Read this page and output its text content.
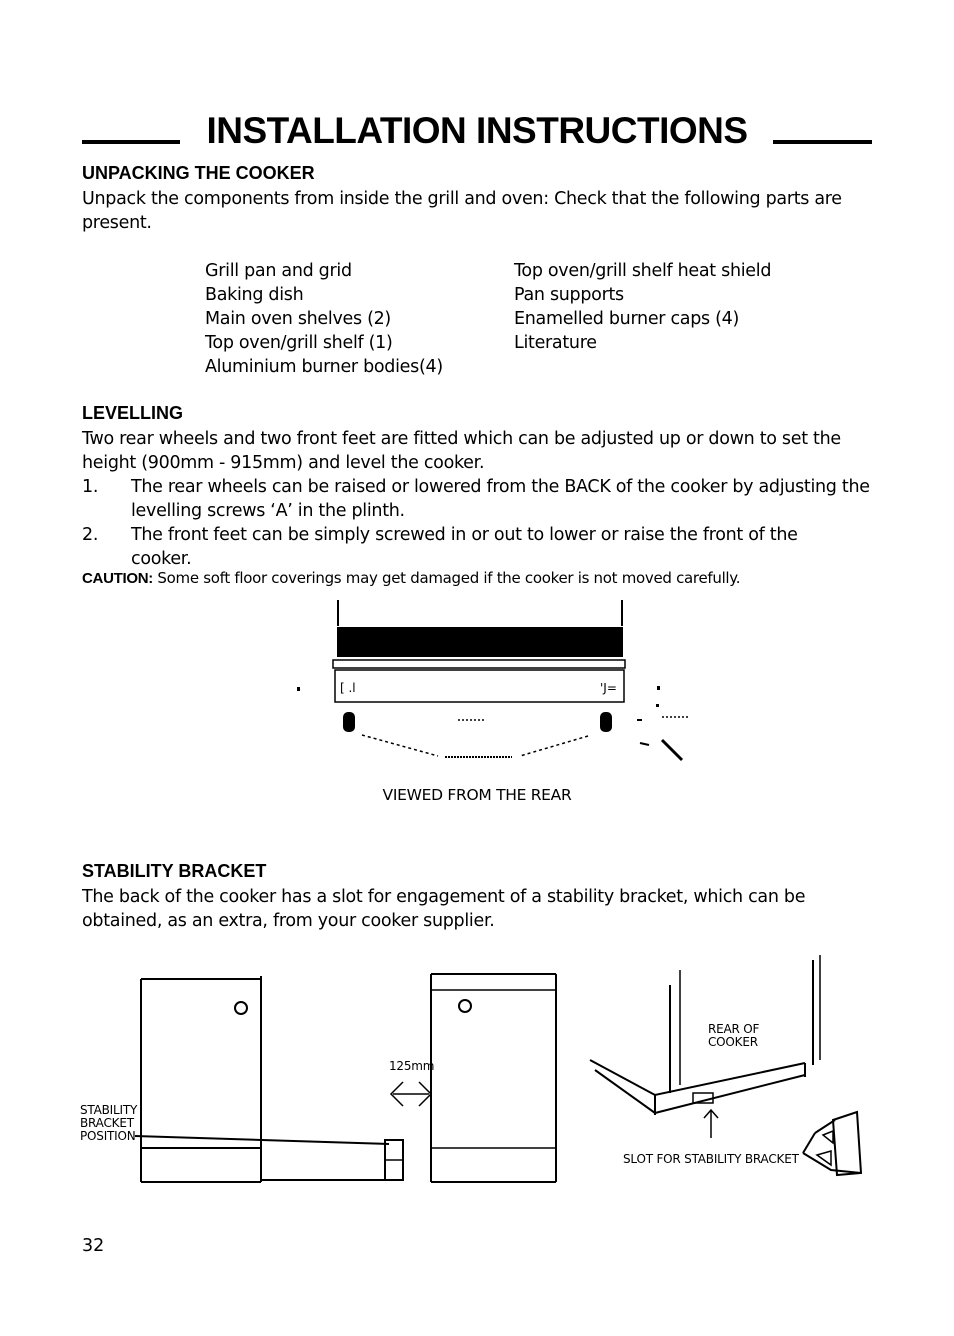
INSTALLATION INSTRUCTIONS
UNPACKING THE COOKER
Unpack the components from inside the grill and oven: Check that the following parts are present.
Grill pan and grid
Baking dish
Main oven shelves (2)
Top oven/grill shelf (1)
Aluminium burner bodies(4)
Top oven/grill shelf heat shield
Pan supports
Enamelled burner caps (4)
Literature
LEVELLING
Two rear wheels and two front feet are fitted which can be adjusted up or down to set the height (900mm - 915mm) and level the cooker.
1. The rear wheels can be raised or lowered from the BACK of the cooker by adjusting the levelling screws ‘A’ in the plinth.
2. The front feet can be simply screwed in or out to lower or raise the front of the cooker.
CAUTION: Some soft floor coverings may get damaged if the cooker is not moved carefully.
[ .l	'J=
VIEWED FROM THE REAR
STABILITY BRACKET
The back of the cooker has a slot for engagement of a stability bracket, which can be obtained, as an extra, from your cooker supplier.
STABILITY
BRACKET
POSITION
125mm
REAR OF
COOKER
SLOT FOR STABILITY BRACKET
32
